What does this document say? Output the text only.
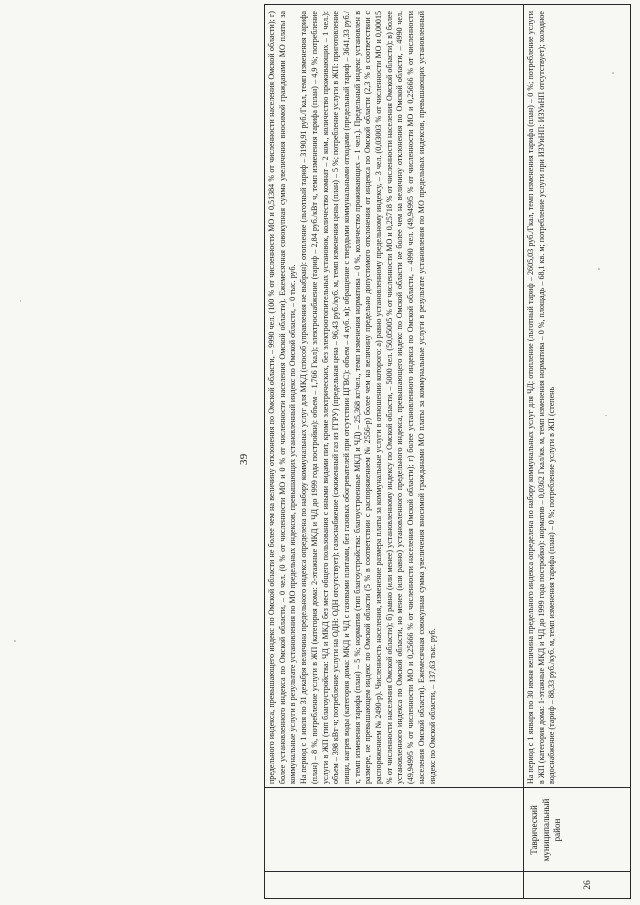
39 предельного индекса, превышающего индекс по Омской области не более чем на величину отклонения по Омской области, – 9990 чел. (100 % от численности МО и 0,51384 % от численности населения Омской области); г) более установленного индекса по Омской области, – 0 чел. (0 % от численности МО и 0 % от численности населения Омской области). Ежемесячная совокупная сумма увеличения вносимой гражданами МО платы за коммунальные услуги в результате установления по МО предельных индексов, превышающих установленный индекс по Омской области, – 0 тыс. руб. На период с 1 июля по 31 декабря величина предельного индекса определена по набору коммунальных услуг для МКД (способ управления не выбран): отопление (льготный тариф – 3190,91 руб./Гкал, темп изменения тарифа (план) – 8 %, потребление услуги в ЖП (категория дома: 2-этажные МКД и ЧД до 1999 года постройки): объем – 1,766 Гкал); электроснабжение (тариф – 2,84 руб./кВт ч, темп изменения тарифа (план) – 4,9 %; потребление услуги в ЖП (тип благоустройства: ЧД и МКД без мест общего пользования с иными видами пит, кроме электрических, без электроотопительных установок, количество комнат – 2 ком., количество проживающих – 1 чел.): объем – 398 кВт·ч; потребление услуги на ОДН: ОДН отсутствует); газоснабжение (сжиженный газ из ГГРУ) (предельная цена – 96,43 руб./куб. м, темп изменения цены (план) – 5 %; потребление услуги в ЖП: приготовление пищи, нагрев воды (категория дома: МКД и ЧД с газовыми плитами, без газовых обогревателей при отсутствии ЦГВС): объем – 4 куб. м); обращение с твердыми коммунальными отходами (предельный тариф – 3641,33 руб./т, темп изменения тарифа (план) – 5 %; норматив (тип благоустройства: благоустроенные МКД и ЧД) – 25,368 кг/чел., темп изменения норматива – 0 %, количество проживающих – 1 чел.). Предельный индекс установлен в размере, не превышающем индекс по Омской области (5 % в соответствии с распоряжением № 2556-р) более чем на величину предельно допустимого отклонения от индекса по Омской области (2,3 % в соответствии с распоряжением № 2490-р). Численность населения, изменение размера платы за коммунальные услуги в отношении которого: а) равно установленному предельному индексу, – 3 чел. (0,03003 % от численности МО и 0,00015 % от численности населения Омской области); б) равно (или менее) установленному индексу по Омской области, – 5000 чел. (50,05005 % от численности МО и 0,25718 % от численности населения Омской области); в) более установленного индекса по Омской области, но менее (или равно) установленного предельного индекса, превышающего индекс по Омской области не более чем на величину отклонения по Омской области, – 4990 чел. (49,94995 % от численности МО и 0,25666 % от численности населения Омской области); г) более установленного индекса по Омской области, – 4990 чел. (49,94995 % от численности МО и 0,25666 % от численности населения Омской области). Ежемесячная совокупная сумма увеличения вносимой гражданами МО платы за коммунальные услуги в результате установления по МО предельных индексов, превышающих установленный индекс по Омской области, – 137,63 тыс. руб.

26
Таврический муниципальный район

На период с 1 января по 30 июня величина предельного индекса определена по набору коммунальных услуг для ЧД: отопление (льготный тариф – 2605,03 руб./Гкал, темп изменения тарифа (план) – 0 %; потребление услуги в ЖП (категория дома: 1-этажные МКД и ЧД до 1999 года постройки): норматив – 0,0362 Гкал/кв. м, темп изменения норматива – 0 %, площадь – 68,1 кв. м; потребление услуги при ИЗУиНП: ИЗУиНП отсутствует); холодное водоснабжение (тариф – 88,33 руб./куб. м, темп изменения тарифа (план) – 0 %; потребление услуги в ЖП (степень
